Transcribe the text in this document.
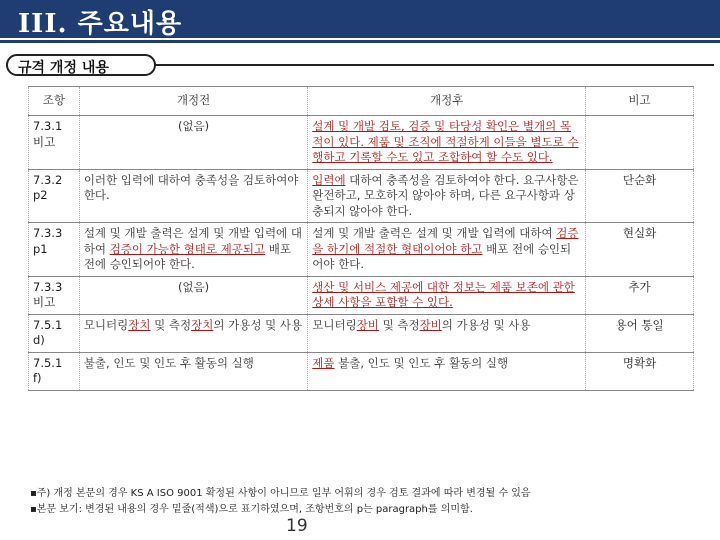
III. 주요내용
규격 개정 내용
조항	개정전	개정후	비고

7.3.1
비고	(없음)	설계 및 개발 검토, 검증 및 타당성 확인은 별개의 목적이 있다. 제품 및 조직에 적절하게 이들을 별도로 수행하고 기록할 수도 있고 조합하여 할 수도 있다.	

7.3.2
p2	이러한 입력에 대하여 충족성을 검토하여야 한다.	입력에 대하여 충족성을 검토하여야 한다. 요구사항은 완전하고, 모호하지 않아야 하며, 다른 요구사항과 상충되지 않아야 한다.	단순화

7.3.3
p1	설계 및 개발 출력은 설계 및 개발 입력에 대하여 검증이 가능한 형태로 제공되고 배포 전에 승인되어야 한다.	설계 및 개발 출력은 설계 및 개발 입력에 대하여 검증을 하기에 적절한 형태이어야 하고 배포 전에 승인되어야 한다.	현실화

7.3.3
비고	(없음)	생산 및 서비스 제공에 대한 정보는 제품 보존에 관한 상세 사항을 포함할 수 있다.	추가

7.5.1
d)	모니터링장치 및 측정장치의 가용성 및 사용	모니터링장비 및 측정장비의 가용성 및 사용	용어 통일

7.5.1
f)	불출, 인도 및 인도 후 활동의 실행	제품 불출, 인도 및 인도 후 활동의 실행	명확화
▪주) 개정 본문의 경우 KS A ISO 9001 확정된 사항이 아니므로 일부 어휘의 경우 검토 결과에 따라 변경될 수 있음
▪본문 보기: 변경된 내용의 경우 밑줄(적색)으로 표기하였으며, 조항번호의 p는 paragraph를 의미함.
19
